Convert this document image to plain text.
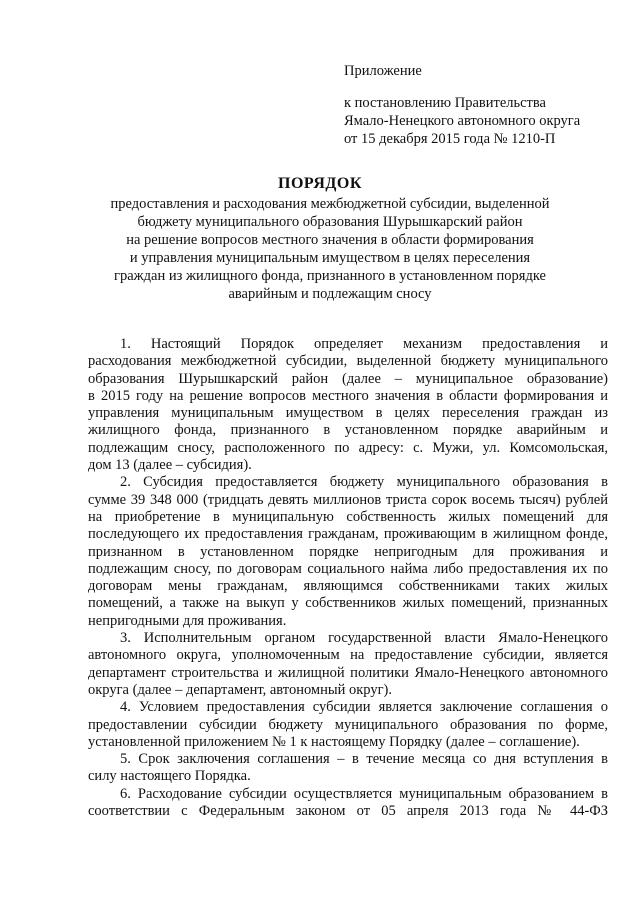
Приложение
к постановлению Правительства
Ямало-Ненецкого автономного округа
от 15 декабря 2015 года № 1210-П
ПОРЯДОК
предоставления и расходования межбюджетной субсидии, выделенной
бюджету муниципального образования Шурышкарский район
на решение вопросов местного значения в области формирования
и управления муниципальным имуществом в целях переселения
граждан из жилищного фонда, признанного в установленном порядке
аварийным и подлежащим сносу
1. Настоящий Порядок определяет механизм предоставления и
расходования межбюджетной субсидии, выделенной бюджету муниципального
образования Шурышкарский район (далее – муниципальное образование)
в 2015 году на решение вопросов местного значения в области формирования и
управления муниципальным имуществом в целях переселения граждан из
жилищного фонда, признанного в установленном порядке аварийным и
подлежащим сносу, расположенного по адресу: с. Мужи, ул. Комсомольская,
дом 13 (далее – субсидия).
2. Субсидия предоставляется бюджету муниципального образования в
сумме 39 348 000 (тридцать девять миллионов триста сорок восемь тысяч) рублей
на приобретение в муниципальную собственность жилых помещений для
последующего их предоставления гражданам, проживающим в жилищном фонде,
признанном в установленном порядке непригодным для проживания и
подлежащим сносу, по договорам социального найма либо предоставления их по
договорам мены гражданам, являющимся собственниками таких жилых
помещений, а также на выкуп у собственников жилых помещений, признанных
непригодными для проживания.
3. Исполнительным органом государственной власти Ямало-Ненецкого
автономного округа, уполномоченным на предоставление субсидии, является
департамент строительства и жилищной политики Ямало-Ненецкого автономного
округа (далее – департамент, автономный округ).
4. Условием предоставления субсидии является заключение соглашения о
предоставлении субсидии бюджету муниципального образования по форме,
установленной приложением № 1 к настоящему Порядку (далее – соглашение).
5. Срок заключения соглашения – в течение месяца со дня вступления в
силу настоящего Порядка.
6. Расходование субсидии осуществляется муниципальным образованием в
соответствии с Федеральным законом от 05 апреля 2013 года № 44-ФЗ
